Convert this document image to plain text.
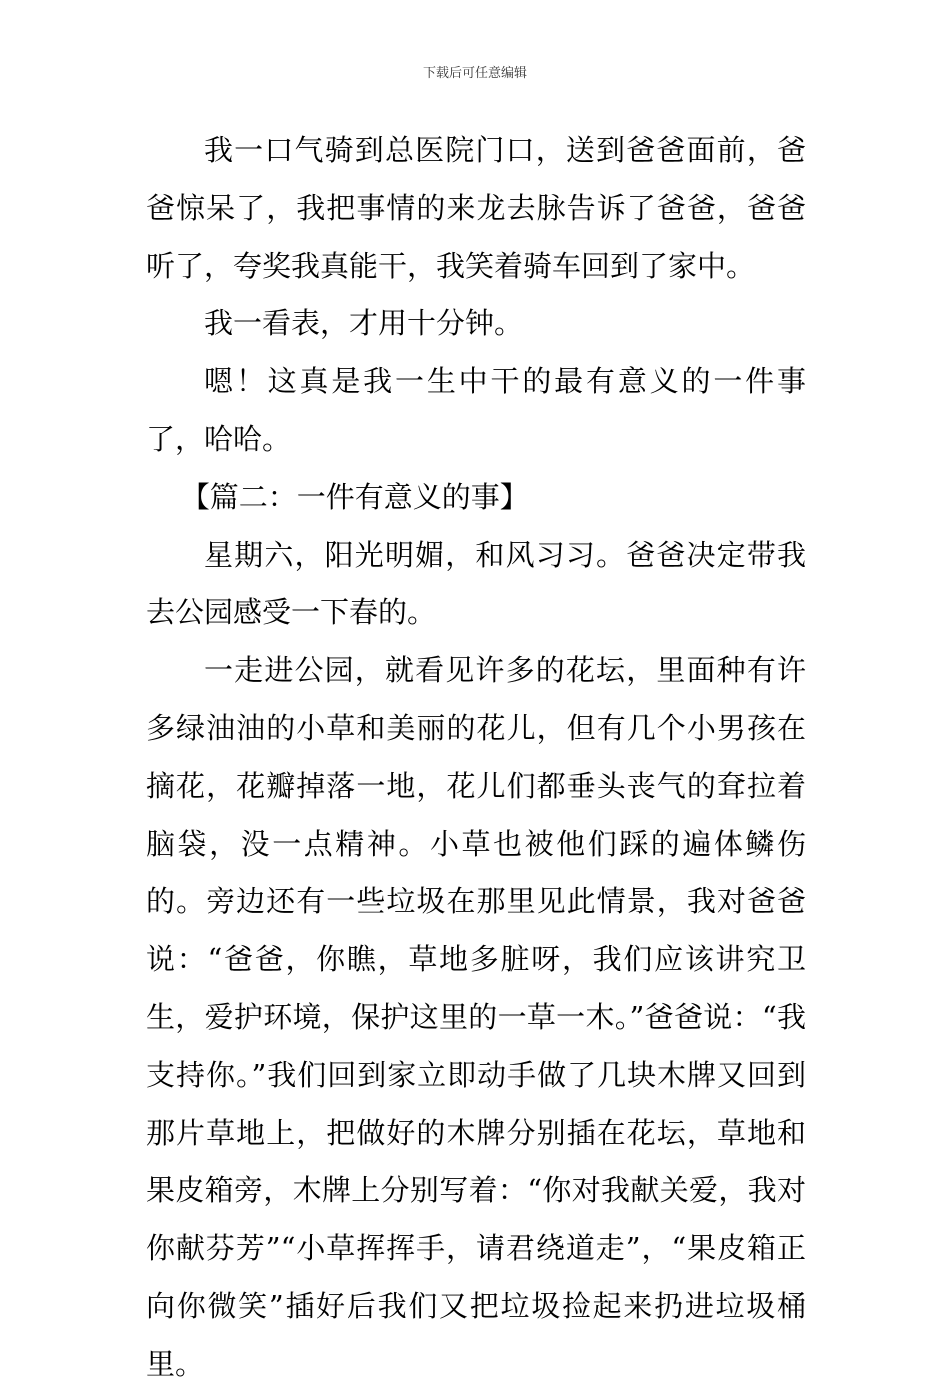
下载后可任意编辑

我一口气骑到总医院门口，送到爸爸面前，爸爸惊呆了，我把事情的来龙去脉告诉了爸爸，爸爸听了，夸奖我真能干，我笑着骑车回到了家中。

我一看表，才用十分钟。

嗯！这真是我一生中干的最有意义的一件事了，哈哈。

【篇二：一件有意义的事】

星期六，阳光明媚，和风习习。爸爸决定带我去公园感受一下春的。

一走进公园，就看见许多的花坛，里面种有许多绿油油的小草和美丽的花儿，但有几个小男孩在摘花，花瓣掉落一地，花儿们都垂头丧气的耷拉着脑袋，没一点精神。小草也被他们踩的遍体鳞伤的。旁边还有一些垃圾在那里见此情景，我对爸爸说：“爸爸，你瞧，草地多脏呀，我们应该讲究卫生，爱护环境，保护这里的一草一木。”爸爸说：“我支持你。”我们回到家立即动手做了几块木牌又回到那片草地上，把做好的木牌分别插在花坛，草地和果皮箱旁，木牌上分别写着：“你对我献关爱，我对你献芬芳”“小草挥挥手，请君绕道走”，“果皮箱正向你微笑”插好后我们又把垃圾捡起来扔进垃圾桶里。
